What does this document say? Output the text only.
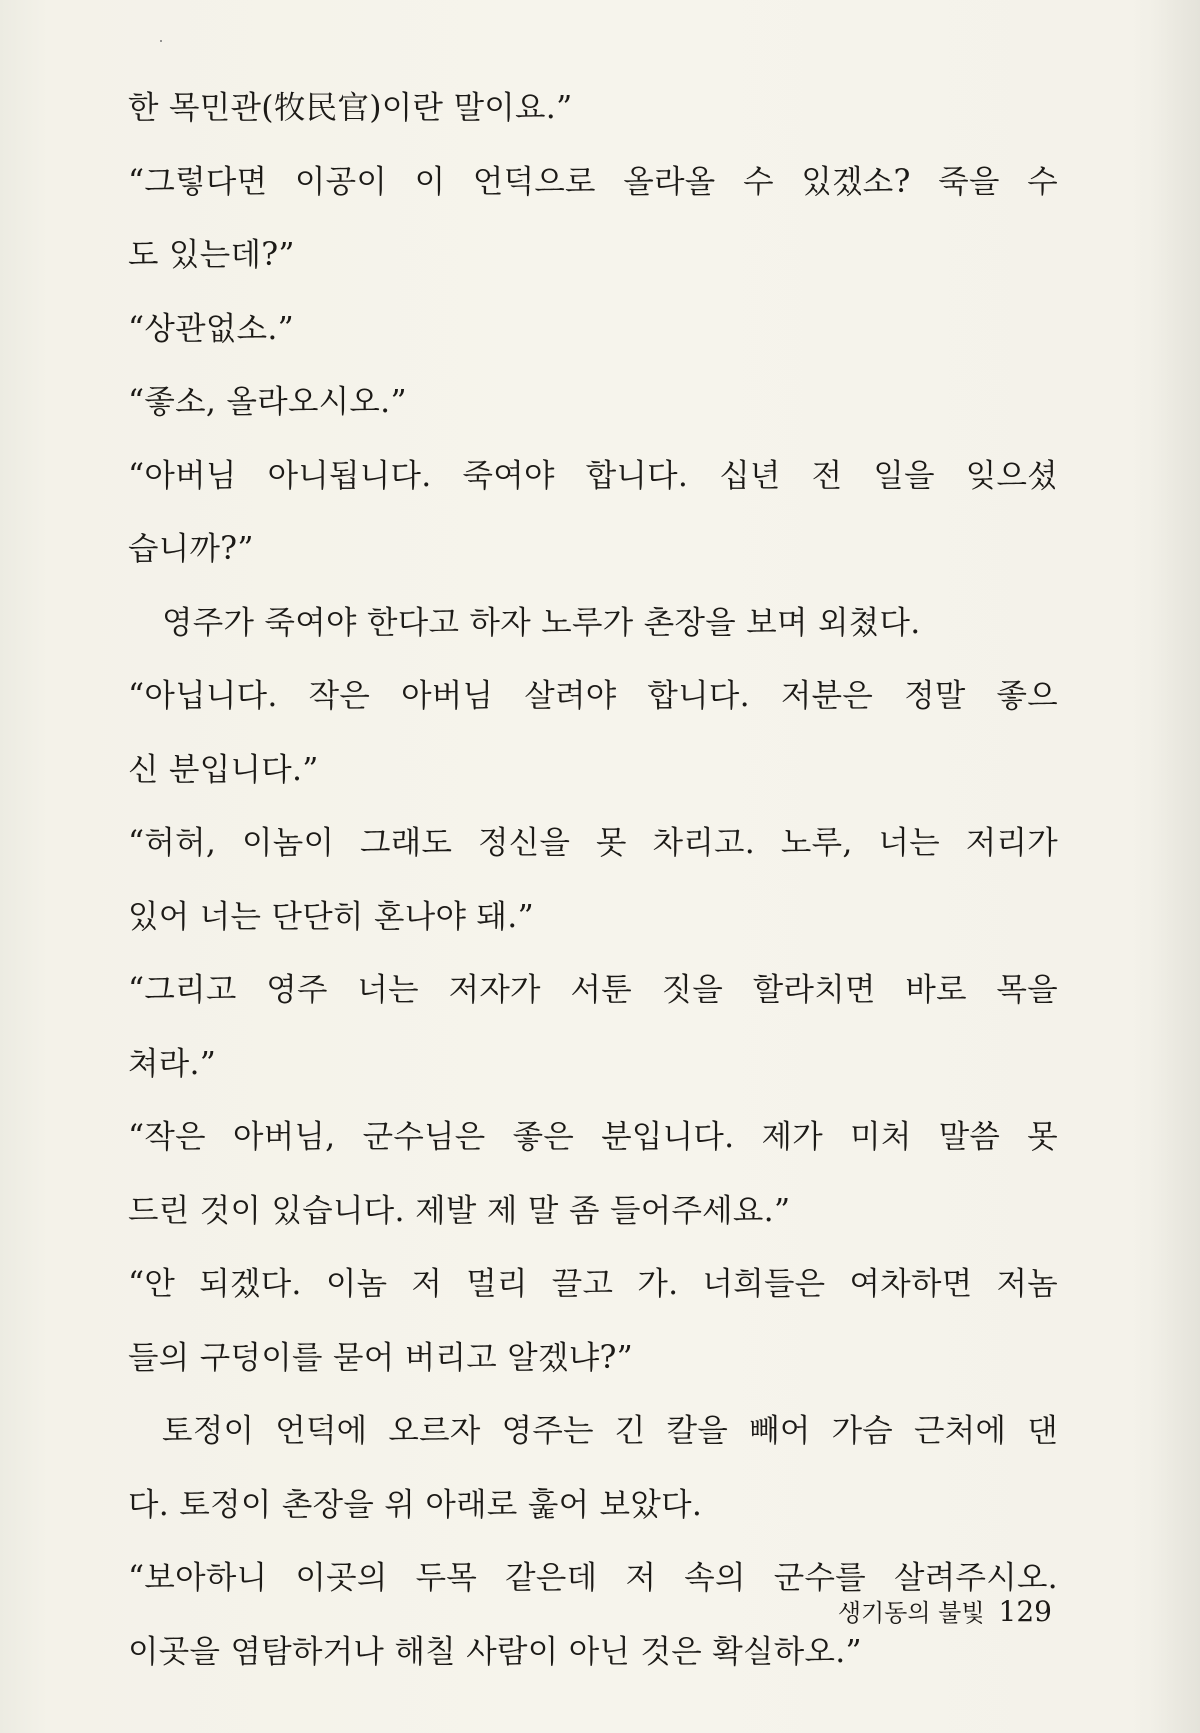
한 목민관(牧民官)이란 말이요.”
“그렇다면 이공이 이 언덕으로 올라올 수 있겠소? 죽을 수
도 있는데?”
“상관없소.”
“좋소, 올라오시오.”
“아버님 아니됩니다. 죽여야 합니다. 십년 전 일을 잊으셨
습니까?”
영주가 죽여야 한다고 하자 노루가 촌장을 보며 외쳤다.
“아닙니다. 작은 아버님 살려야 합니다. 저분은 정말 좋으
신 분입니다.”
“허허, 이놈이 그래도 정신을 못 차리고. 노루, 너는 저리가
있어 너는 단단히 혼나야 돼.”
“그리고 영주 너는 저자가 서툰 짓을 할라치면 바로 목을
쳐라.”
“작은 아버님, 군수님은 좋은 분입니다. 제가 미처 말씀 못
드린 것이 있습니다. 제발 제 말 좀 들어주세요.”
“안 되겠다. 이놈 저 멀리 끌고 가. 너희들은 여차하면 저놈
들의 구덩이를 묻어 버리고 알겠냐?”
토정이 언덕에 오르자 영주는 긴 칼을 빼어 가슴 근처에 댄
다. 토정이 촌장을 위 아래로 훑어 보았다.
“보아하니 이곳의 두목 같은데 저 속의 군수를 살려주시오.
이곳을 염탐하거나 해칠 사람이 아닌 것은 확실하오.”
생기동의 불빛 129
